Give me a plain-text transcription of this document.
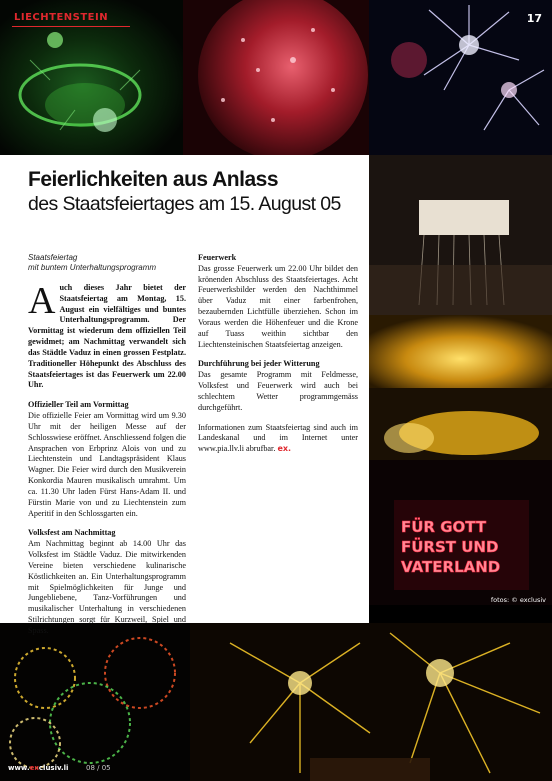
LIECHTENSTEIN	17
FÜR GOTT
FÜRST UND
VATERLAND
fotos: © exclusiv
www.exclusiv.li	08 / 05
Feierlichkeiten aus Anlass
des Staatsfeiertages am 15. August 05
Staatsfeiertag
mit buntem Unterhaltungsprogramm

Auch dieses Jahr bietet der Staatsfeiertag am Montag, 15. August ein vielfältiges und buntes Unterhaltungsprogramm. Der Vormittag ist wiederum dem offiziellen Teil gewidmet; am Nachmittag verwandelt sich das Städtle Vaduz in einen grossen Festplatz. Traditioneller Höhepunkt des Abschluss des Staatsfeiertages ist das Feuerwerk um 22.00 Uhr.

Offizieller Teil am Vormittag

Die offizielle Feier am Vormittag wird um 9.30 Uhr mit der heiligen Messe auf der Schlosswiese eröffnet. Anschliessend folgen die Ansprachen von Erbprinz Alois von und zu Liechtenstein und Landtagspräsident Klaus Wagner. Die Feier wird durch den Musikverein Konkordia Mauren musikalisch umrahmt. Um ca. 11.30 Uhr laden Fürst Hans-Adam II. und Fürstin Marie von und zu Liechtenstein zum Aperitif in den Schlossgarten ein.

Volksfest am Nachmittag

Am Nachmittag beginnt ab 14.00 Uhr das Volksfest im Städtle Vaduz. Die mitwirkenden Vereine bieten verschiedene kulinarische Köstlichkeiten an. Ein Unterhaltungsprogramm mit Spielmöglichkeiten für Junge und Jungebliebene, Tanz-Vorführungen und musikalischer Unterhaltung in verschiedenen Stilrichtungen sorgt für Kurzweil, Spiel und Spass.

Feuerwerk

Das grosse Feuerwerk um 22.00 Uhr bildet den krönenden Abschluss des Staatsfeiertages. Acht Feuerwerksbilder werden den Nachthimmel über Vaduz mit einer farbenfrohen, bezaubernden Lichtfülle überziehen. Schon im Voraus werden die Höhenfeuer und die Krone auf Tuass weithin sichtbar den Liechtensteinischen Staatsfeiertag anzeigen.

Durchführung bei jeder Witterung

Das gesamte Programm mit Feldmesse, Volksfest und Feuerwerk wird auch bei schlechtem Wetter programmgemäss durchgeführt.

Informationen zum Staatsfeiertag sind auch im Landeskanal und im Internet unter www.pia.llv.li abrufbar. ex.
